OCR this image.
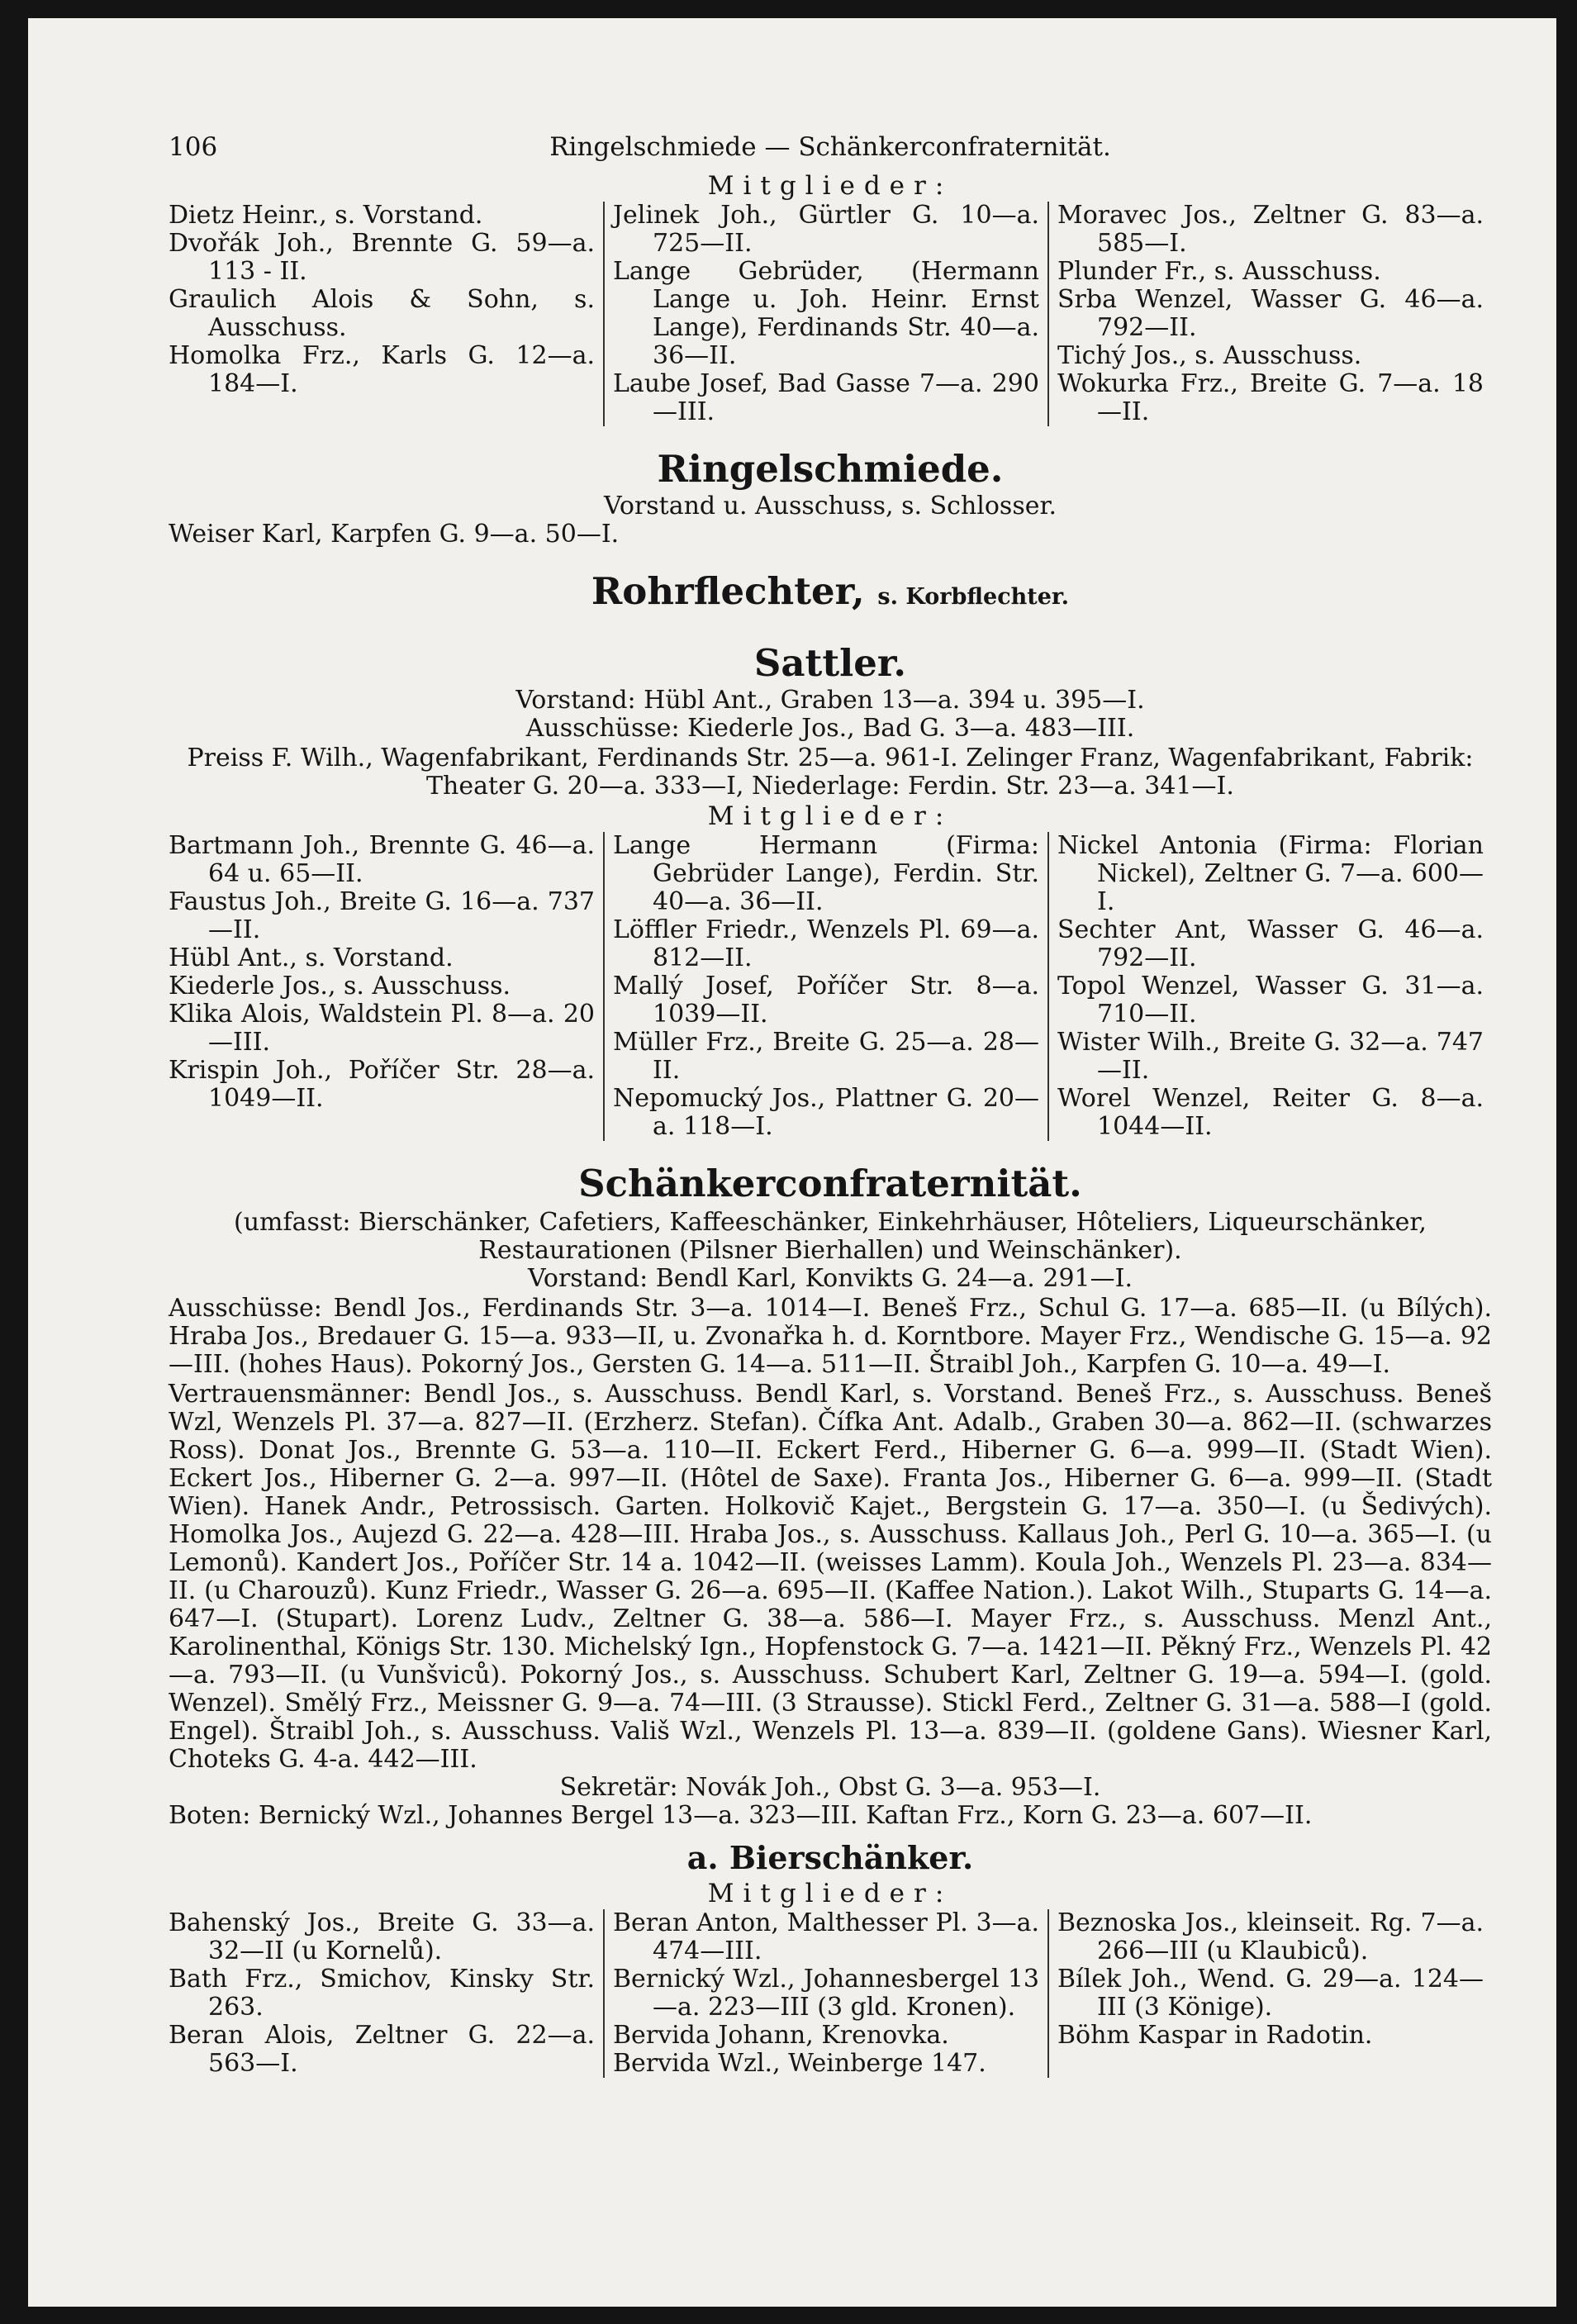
106	Ringelschmiede — Schänkerconfraternität.
Mitglieder:
Dietz Heinr., s. Vorstand.
Dvořák Joh., Brennte G. 59—a. 113 - II.
Graulich Alois & Sohn, s. Ausschuss.
Homolka Frz., Karls G. 12—a. 184—I.
Jelinek Joh., Gürtler G. 10—a. 725—II.
Lange Gebrüder, (Hermann Lange u. Joh. Heinr. Ernst Lange), Ferdinands Str. 40—a. 36—II.
Laube Josef, Bad Gasse 7—a. 290—III.
Moravec Jos., Zeltner G. 83—a. 585—I.
Plunder Fr., s. Ausschuss.
Srba Wenzel, Wasser G. 46—a. 792—II.
Tichý Jos., s. Ausschuss.
Wokurka Frz., Breite G. 7—a. 18—II.
Ringelschmiede.
Vorstand u. Ausschuss, s. Schlosser.
Weiser Karl, Karpfen G. 9—a. 50—I.
Rohrflechter, s. Korbflechter.
Sattler.
Vorstand: Hübl Ant., Graben 13—a. 394 u. 395—I.
Ausschüsse: Kiederle Jos., Bad G. 3—a. 483—III.
Preiss F. Wilh., Wagenfabrikant, Ferdinands Str. 25—a. 961-I. Zelinger Franz, Wagenfabrikant, Fabrik: Theater G. 20—a. 333—I, Niederlage: Ferdin. Str. 23—a. 341—I.
Mitglieder:
Bartmann Joh., Brennte G. 46—a. 64 u. 65—II.
Faustus Joh., Breite G. 16—a. 737—II.
Hübl Ant., s. Vorstand.
Kiederle Jos., s. Ausschuss.
Klika Alois, Waldstein Pl. 8—a. 20—III.
Krispin Joh., Poříčer Str. 28—a. 1049—II.
Lange Hermann (Firma: Gebrüder Lange), Ferdin. Str. 40—a. 36—II.
Löffler Friedr., Wenzels Pl. 69—a. 812—II.
Mallý Josef, Poříčer Str. 8—a. 1039—II.
Müller Frz., Breite G. 25—a. 28—II.
Nepomucký Jos., Plattner G. 20—a. 118—I.
Nickel Antonia (Firma: Florian Nickel), Zeltner G. 7—a. 600—I.
Sechter Ant, Wasser G. 46—a. 792—II.
Topol Wenzel, Wasser G. 31—a. 710—II.
Wister Wilh., Breite G. 32—a. 747—II.
Worel Wenzel, Reiter G. 8—a. 1044—II.
Schänkerconfraternität.
(umfasst: Bierschänker, Cafetiers, Kaffeeschänker, Einkehrhäuser, Hôteliers, Liqueurschänker, Restaurationen (Pilsner Bierhallen) und Weinschänker).
Vorstand: Bendl Karl, Konvikts G. 24—a. 291—I.
Ausschüsse: Bendl Jos., Ferdinands Str. 3—a. 1014—I. Beneš Frz., Schul G. 17—a. 685—II. (u Bílých). Hraba Jos., Bredauer G. 15—a. 933—II, u. Zvonařka h. d. Korntbore. Mayer Frz., Wendische G. 15—a. 92—III. (hohes Haus). Pokorný Jos., Gersten G. 14—a. 511—II. Štraibl Joh., Karpfen G. 10—a. 49—I.
Vertrauensmänner: Bendl Jos., s. Ausschuss. Bendl Karl, s. Vorstand. Beneš Frz., s. Ausschuss. Beneš Wzl, Wenzels Pl. 37—a. 827—II. (Erzherz. Stefan). Čífka Ant. Adalb., Graben 30—a. 862—II. (schwarzes Ross). Donat Jos., Brennte G. 53—a. 110—II. Eckert Ferd., Hiberner G. 6—a. 999—II. (Stadt Wien). Eckert Jos., Hiberner G. 2—a. 997—II. (Hôtel de Saxe). Franta Jos., Hiberner G. 6—a. 999—II. (Stadt Wien). Hanek Andr., Petrossisch. Garten. Holkovič Kajet., Bergstein G. 17—a. 350—I. (u Šedivých). Homolka Jos., Aujezd G. 22—a. 428—III. Hraba Jos., s. Ausschuss. Kallaus Joh., Perl G. 10—a. 365—I. (u Lemonů). Kandert Jos., Poříčer Str. 14 a. 1042—II. (weisses Lamm). Koula Joh., Wenzels Pl. 23—a. 834—II. (u Charouzů). Kunz Friedr., Wasser G. 26—a. 695—II. (Kaffee Nation.). Lakot Wilh., Stuparts G. 14—a. 647—I. (Stupart). Lorenz Ludv., Zeltner G. 38—a. 586—I. Mayer Frz., s. Ausschuss. Menzl Ant., Karolinenthal, Königs Str. 130. Michelský Ign., Hopfenstock G. 7—a. 1421—II. Pěkný Frz., Wenzels Pl. 42—a. 793—II. (u Vunšviců). Pokorný Jos., s. Ausschuss. Schubert Karl, Zeltner G. 19—a. 594—I. (gold. Wenzel). Smělý Frz., Meissner G. 9—a. 74—III. (3 Strausse). Stickl Ferd., Zeltner G. 31—a. 588—I (gold. Engel). Štraibl Joh., s. Ausschuss. Vališ Wzl., Wenzels Pl. 13—a. 839—II. (goldene Gans). Wiesner Karl, Choteks G. 4-a. 442—III.
Sekretär: Novák Joh., Obst G. 3—a. 953—I.
Boten: Bernický Wzl., Johannes Bergel 13—a. 323—III. Kaftan Frz., Korn G. 23—a. 607—II.
a. Bierschänker.
Mitglieder:
Bahenský Jos., Breite G. 33—a. 32—II (u Kornelů).
Bath Frz., Smichov, Kinsky Str. 263.
Beran Alois, Zeltner G. 22—a. 563—I.
Beran Anton, Malthesser Pl. 3—a. 474—III.
Bernický Wzl., Johannesbergel 13—a. 223—III (3 gld. Kronen).
Bervida Johann, Krenovka.
Bervida Wzl., Weinberge 147.
Beznoska Jos., kleinseit. Rg. 7—a. 266—III (u Klaubiců).
Bílek Joh., Wend. G. 29—a. 124—III (3 Könige).
Böhm Kaspar in Radotin.
